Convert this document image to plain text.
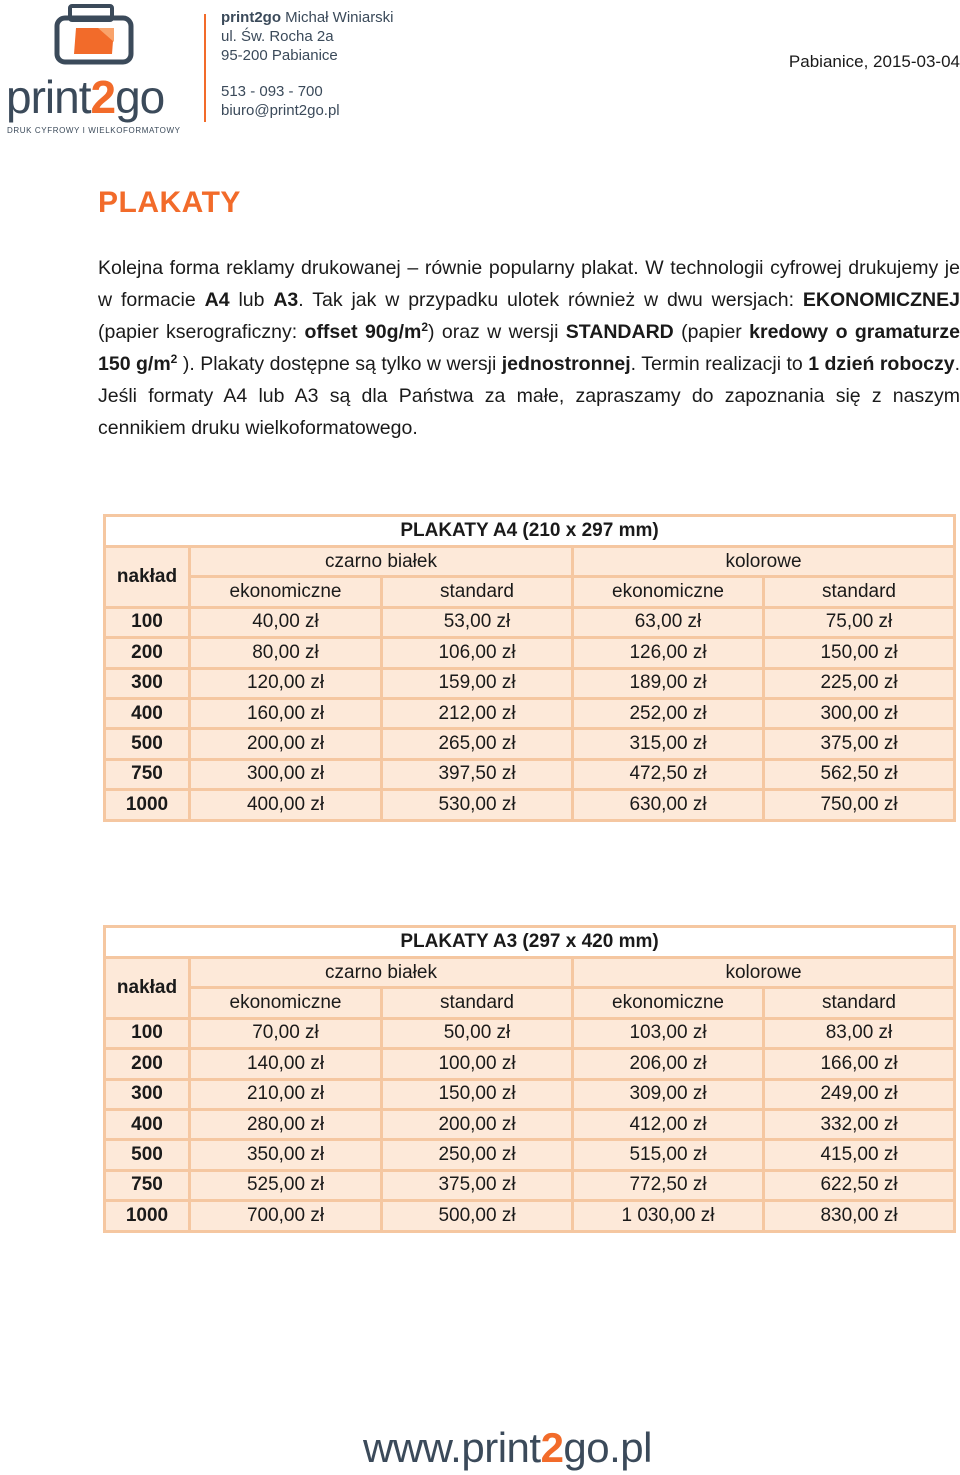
print2go
DRUK CYFROWY I WIELKOFORMATOWY
print2go Michał Winiarski
ul. Św. Rocha 2a
95-200 Pabianice
513 - 093 - 700
biuro@print2go.pl
Pabianice, 2015-03-04
PLAKATY

Kolejna forma reklamy drukowanej – równie popularny plakat. W technologii cyfrowej drukujemy je w formacie A4 lub A3. Tak jak w przypadku ulotek również w dwu wersjach: EKONOMICZNEJ (papier kserograficzny: offset $90g/m^2$) oraz w wersji STANDARD (papier kredowy o gramaturze 150 $g/m^2$ ). Plakaty dostępne są tylko w wersji jednostronnej. Termin realizacji to 1 dzień roboczy. Jeśli formaty A4 lub A3 są dla Państwa za małe, zapraszamy do zapoznania się z naszym cennikiem druku wielkoformatowego.

PLAKATY A4 (210 x 297 mm)				
nakład	czarno białek		kolorowe	
	ekonomiczne	standard	ekonomiczne	standard
100	40,00 zł	53,00 zł	63,00 zł	75,00 zł
200	80,00 zł	106,00 zł	126,00 zł	150,00 zł
300	120,00 zł	159,00 zł	189,00 zł	225,00 zł
400	160,00 zł	212,00 zł	252,00 zł	300,00 zł
500	200,00 zł	265,00 zł	315,00 zł	375,00 zł
750	300,00 zł	397,50 zł	472,50 zł	562,50 zł
1000	400,00 zł	530,00 zł	630,00 zł	750,00 zł
PLAKATY A3 (297 x 420 mm)				
nakład	czarno białek		kolorowe	
	ekonomiczne	standard	ekonomiczne	standard
100	70,00 zł	50,00 zł	103,00 zł	83,00 zł
200	140,00 zł	100,00 zł	206,00 zł	166,00 zł
300	210,00 zł	150,00 zł	309,00 zł	249,00 zł
400	280,00 zł	200,00 zł	412,00 zł	332,00 zł
500	350,00 zł	250,00 zł	515,00 zł	415,00 zł
750	525,00 zł	375,00 zł	772,50 zł	622,50 zł
1000	700,00 zł	500,00 zł	1 030,00 zł	830,00 zł
www.print2go.pl
